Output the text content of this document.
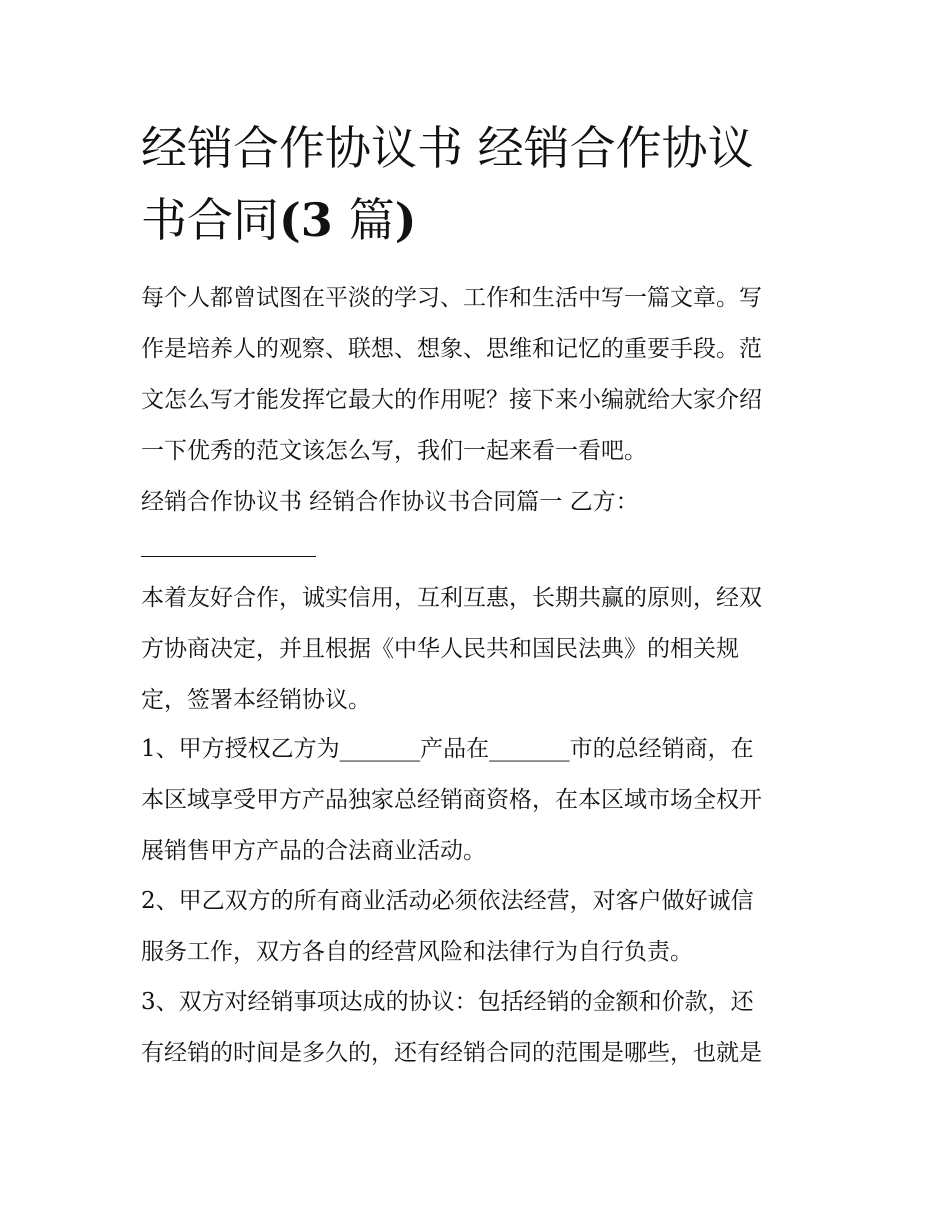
经销合作协议书 经销合作协议
书合同(3 篇)
每个人都曾试图在平淡的学习、工作和生活中写一篇文章。写
作是培养人的观察、联想、想象、思维和记忆的重要手段。范
文怎么写才能发挥它最大的作用呢？接下来小编就给大家介绍
一下优秀的范文该怎么写，我们一起来看一看吧。
经销合作协议书 经销合作协议书合同篇一 乙方：
本着友好合作，诚实信用，互利互惠，长期共赢的原则，经双
方协商决定，并且根据《中华人民共和国民法典》的相关规
定，签署本经销协议。
1、甲方授权乙方为_______产品在_______市的总经销商，在
本区域享受甲方产品独家总经销商资格，在本区域市场全权开
展销售甲方产品的合法商业活动。
2、甲乙双方的所有商业活动必须依法经营，对客户做好诚信
服务工作，双方各自的经营风险和法律行为自行负责。
3、双方对经销事项达成的协议：包括经销的金额和价款，还
有经销的时间是多久的，还有经销合同的范围是哪些，也就是
